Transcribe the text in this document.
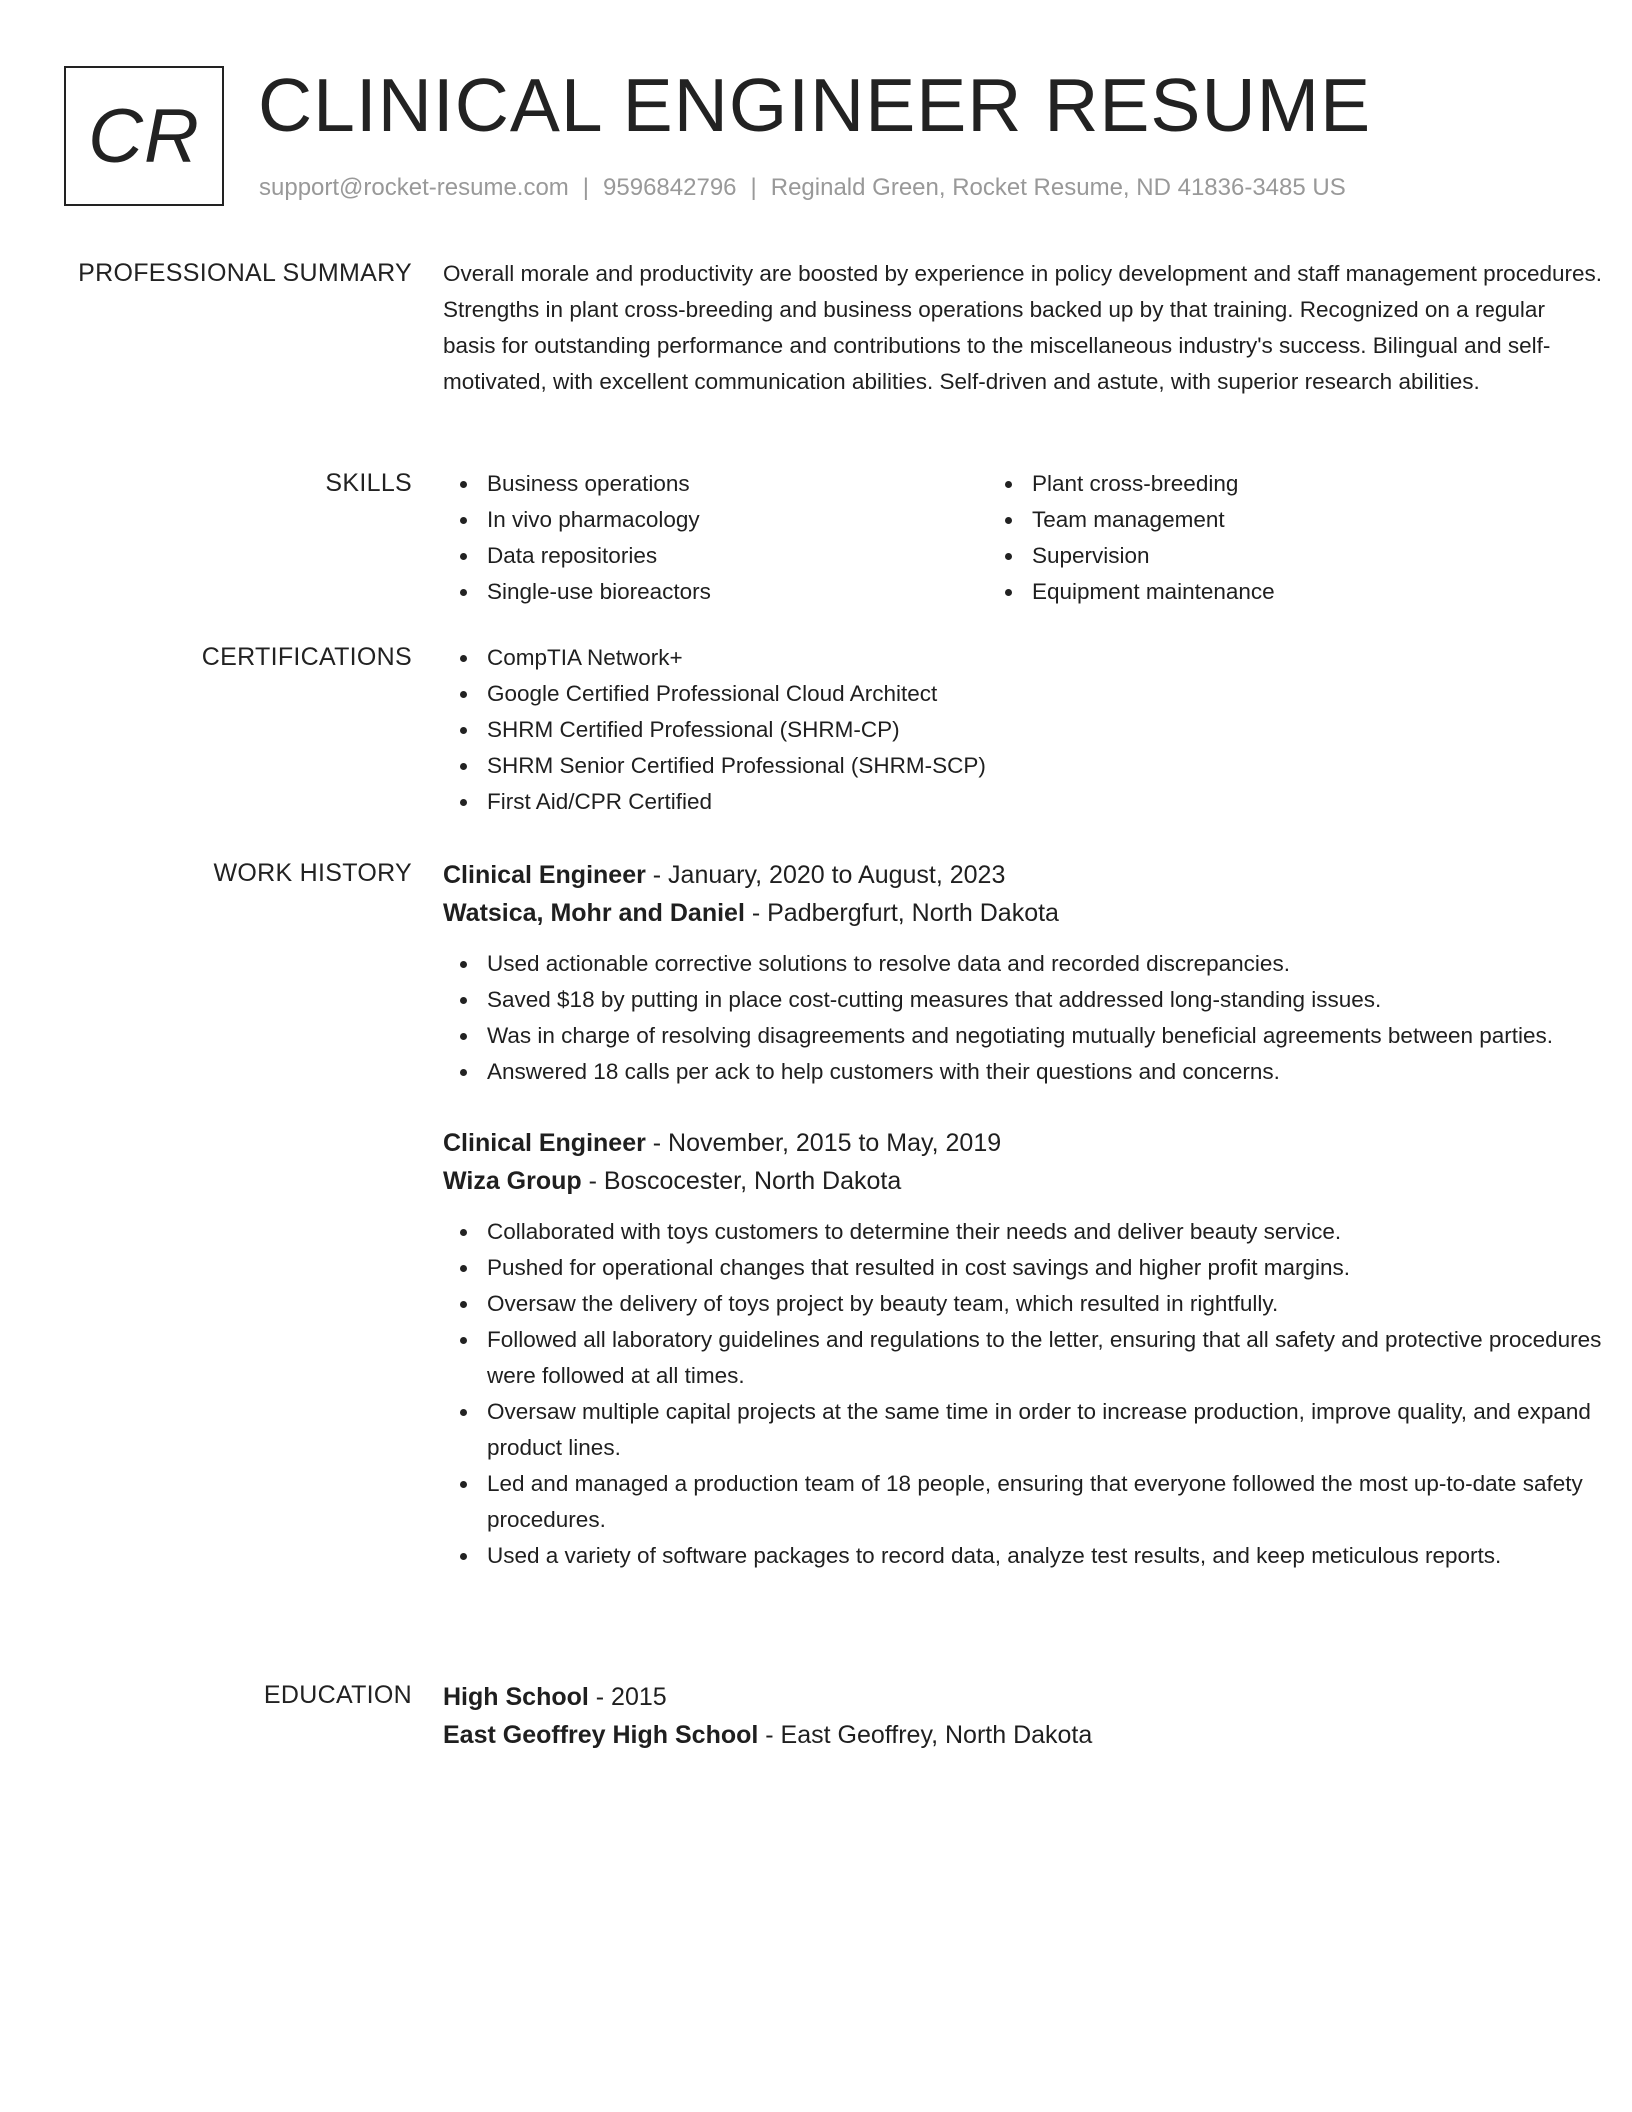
CR CLINICAL ENGINEER RESUME
support@rocket-resume.com | 9596842796 | Reginald Green, Rocket Resume, ND 41836-3485 US
PROFESSIONAL SUMMARY Overall morale and productivity are boosted by experience in policy development and staff management procedures. Strengths in plant cross-breeding and business operations backed up by that training. Recognized on a regular basis for outstanding performance and contributions to the miscellaneous industry's success. Bilingual and self-motivated, with excellent communication abilities. Self-driven and astute, with superior research abilities.

SKILLS	Business operations
In vivo pharmacology
Data repositories
Single-use bioreactors
Plant cross-breeding
Team management
Supervision
Equipment maintenance
CERTIFICATIONS	CompTIA Network+
Google Certified Professional Cloud Architect
SHRM Certified Professional (SHRM-CP)
SHRM Senior Certified Professional (SHRM-SCP)
First Aid/CPR Certified
WORK HISTORY Clinical Engineer - January, 2020 to August, 2023
Watsica, Mohr and Daniel - Padbergfurt, North Dakota
Used actionable corrective solutions to resolve data and recorded discrepancies.
Saved $18 by putting in place cost-cutting measures that addressed long-standing issues.
Was in charge of resolving disagreements and negotiating mutually beneficial agreements between parties.
Answered 18 calls per ack to help customers with their questions and concerns.
Clinical Engineer - November, 2015 to May, 2019
Wiza Group - Boscocester, North Dakota
Collaborated with toys customers to determine their needs and deliver beauty service.
Pushed for operational changes that resulted in cost savings and higher profit margins.
Oversaw the delivery of toys project by beauty team, which resulted in rightfully.
Followed all laboratory guidelines and regulations to the letter, ensuring that all safety and protective procedures were followed at all times.
Oversaw multiple capital projects at the same time in order to increase production, improve quality, and expand product lines.
Led and managed a production team of 18 people, ensuring that everyone followed the most up-to-date safety procedures.
Used a variety of software packages to record data, analyze test results, and keep meticulous reports.
EDUCATION High School - 2015
East Geoffrey High School - East Geoffrey, North Dakota
